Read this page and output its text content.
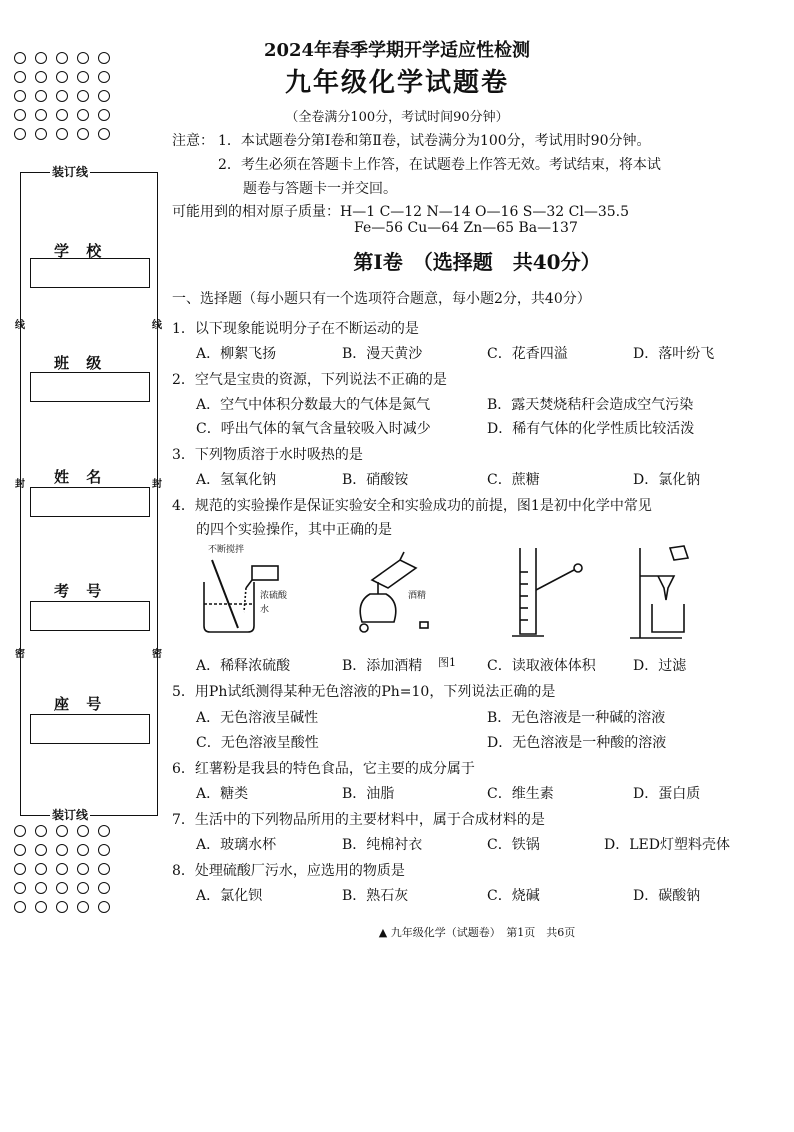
装订线
装订线
线	线
封	封
密	密
学 校
班 级
姓 名
考 号
座 号
2024年春季学期开学适应性检测
九年级化学试题卷
（全卷满分100分，考试时间90分钟）
注意： 1．本试题卷分第Ⅰ卷和第Ⅱ卷，试卷满分为100分，考试用时90分钟。
2．考生必须在答题卡上作答，在试题卷上作答无效。考试结束，将本试
题卷与答题卡一并交回。
可能用到的相对原子质量：H—1 C—12 N—14 O—16 S—32 Cl—35.5
Fe—56 Cu—64 Zn—65 Ba—137
第Ⅰ卷　（选择题　共40分）
一、选择题（每小题只有一个选项符合题意，每小题2分，共40分）
1．以下现象能说明分子在不断运动的是
A．柳絮飞扬	B．漫天黄沙	C．花香四溢	D．落叶纷飞
2．空气是宝贵的资源，下列说法不正确的是
A．空气中体积分数最大的气体是氮气	B．露天焚烧秸秆会造成空气污染
C．呼出气体的氧气含量较吸入时减少	D．稀有气体的化学性质比较活泼
3．下列物质溶于水时吸热的是
A．氢氧化钠	B．硝酸铵	C．蔗糖	D．氯化钠
4．规范的实验操作是保证实验安全和实验成功的前提，图1是初中化学中常见
的四个实验操作，其中正确的是
不断搅拌
浓硫酸
水
酒精
图1
A．稀释浓硫酸	B．添加酒精	C．读取液体体积	D．过滤
5．用Ph试纸测得某种无色溶液的Ph=10，下列说法正确的是
A．无色溶液呈碱性	B．无色溶液是一种碱的溶液
C．无色溶液呈酸性	D．无色溶液是一种酸的溶液
6．红薯粉是我县的特色食品，它主要的成分属于
A．糖类	B．油脂	C．维生素	D．蛋白质
7．生活中的下列物品所用的主要材料中，属于合成材料的是
A．玻璃水杯	B．纯棉衬衣	C．铁锅	D．LED灯塑料壳体
8．处理硫酸厂污水，应选用的物质是
A．氯化钡	B．熟石灰	C．烧碱	D．碳酸钠
▲ 九年级化学（试题卷）　第1页　共6页
